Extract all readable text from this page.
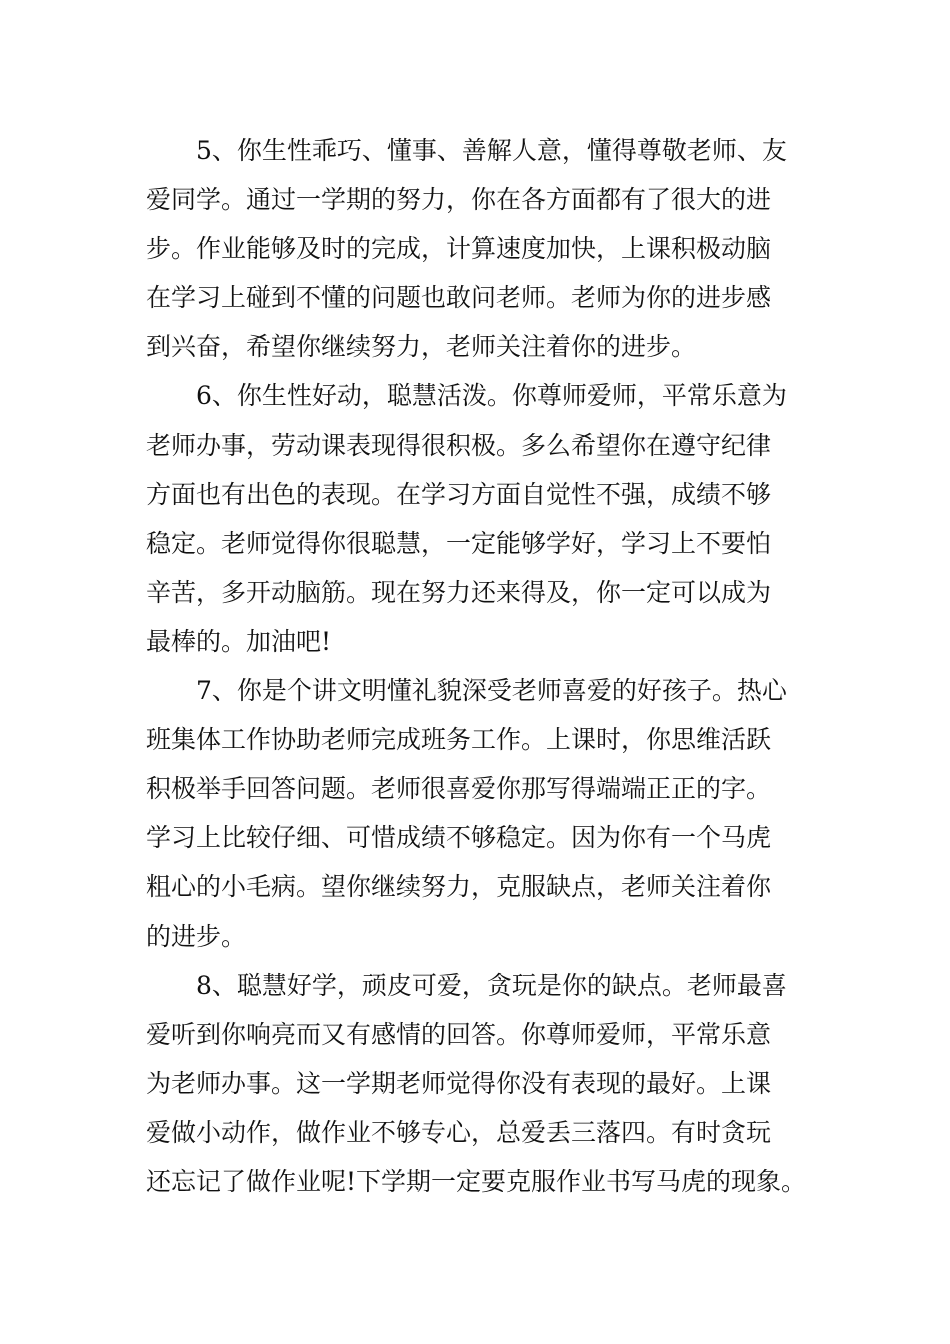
5、你生性乖巧、懂事、善解人意，懂得尊敬老师、友
爱同学。通过一学期的努力，你在各方面都有了很大的进
步。作业能够及时的完成，计算速度加快，上课积极动脑
在学习上碰到不懂的问题也敢问老师。老师为你的进步感
到兴奋，希望你继续努力，老师关注着你的进步。

6、你生性好动，聪慧活泼。你尊师爱师，平常乐意为
老师办事，劳动课表现得很积极。多么希望你在遵守纪律
方面也有出色的表现。在学习方面自觉性不强，成绩不够
稳定。老师觉得你很聪慧，一定能够学好，学习上不要怕
辛苦，多开动脑筋。现在努力还来得及，你一定可以成为
最棒的。加油吧!

7、你是个讲文明懂礼貌深受老师喜爱的好孩子。热心
班集体工作协助老师完成班务工作。上课时，你思维活跃
积极举手回答问题。老师很喜爱你那写得端端正正的字。
学习上比较仔细、可惜成绩不够稳定。因为你有一个马虎
粗心的小毛病。望你继续努力，克服缺点，老师关注着你
的进步。

8、聪慧好学，顽皮可爱，贪玩是你的缺点。老师最喜
爱听到你响亮而又有感情的回答。你尊师爱师，平常乐意
为老师办事。这一学期老师觉得你没有表现的最好。上课
爱做小动作，做作业不够专心，总爱丢三落四。有时贪玩
还忘记了做作业呢!下学期一定要克服作业书写马虎的现象。
